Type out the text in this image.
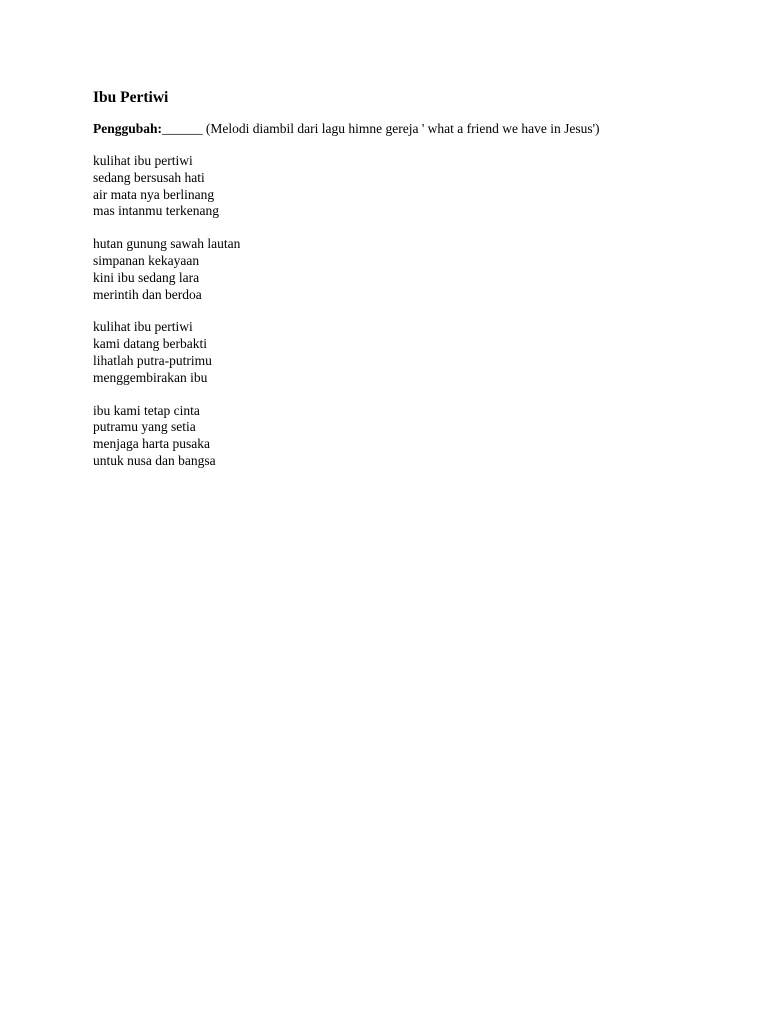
Ibu Pertiwi
Penggubah:______ (Melodi diambil dari lagu himne gereja ' what a friend we have in Jesus')
kulihat ibu pertiwi
sedang bersusah hati
air mata nya berlinang
mas intanmu terkenang
hutan gunung sawah lautan
simpanan kekayaan
kini ibu sedang lara
merintih dan berdoa
kulihat ibu pertiwi
kami datang berbakti
lihatlah putra-putrimu
menggembirakan ibu
ibu kami tetap cinta
putramu yang setia
menjaga harta pusaka
untuk nusa dan bangsa
